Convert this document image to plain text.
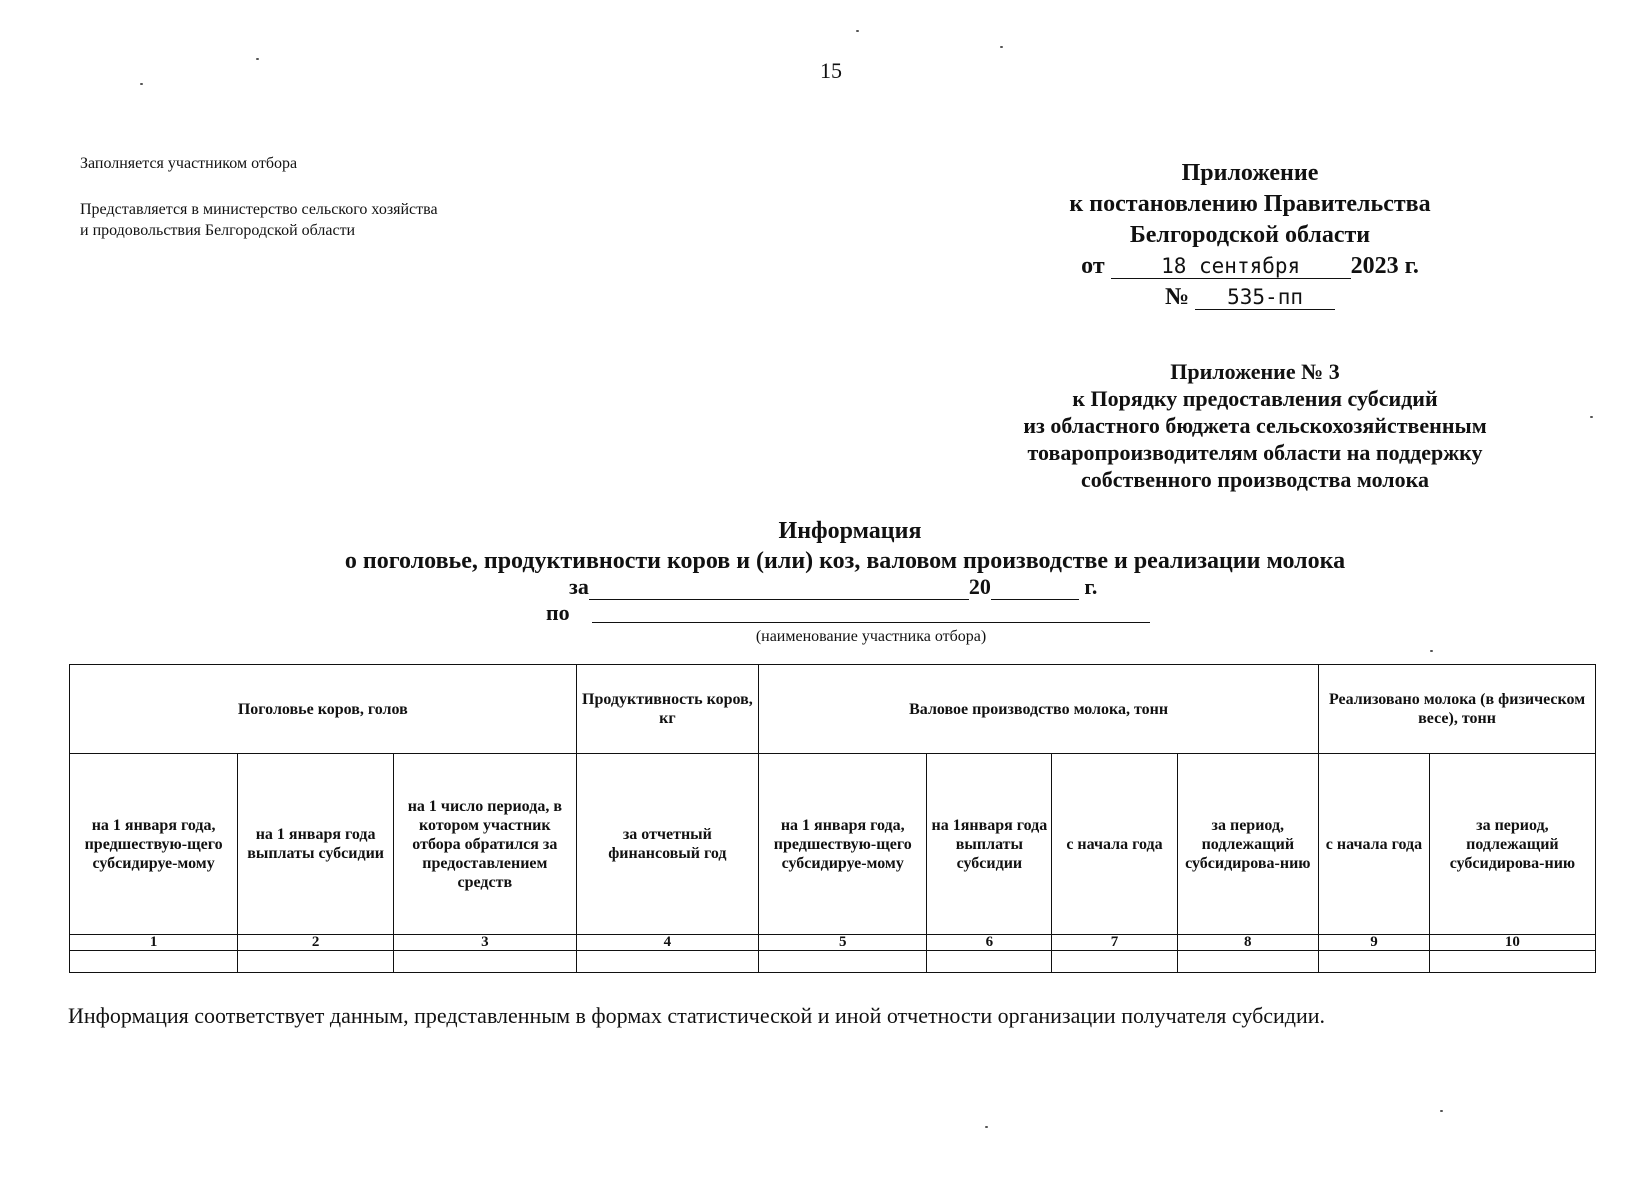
15
Заполняется участником отбора
Представляется в министерство сельского хозяйства
и продовольствия Белгородской области
Приложение
к постановлению Правительства
Белгородской области
от	18 сентября 2023 г.
№ 535-пп
Приложение № 3
к Порядку предоставления субсидий
из областного бюджета сельскохозяйственным
товаропроизводителям области на поддержку
собственного производства молока
Информация
о поголовье, продуктивности коров и (или) коз, валовом производстве и реализации молока
за	20	г.
по
(наименование участника отбора)
Поголовье коров, голов			Продуктивность коров, кг	Валовое производство молока, тонн				Реализовано молока (в физическом весе), тонн	
на 1 января года, предшествую-щего субсидируе-мому	на 1 января года выплаты субсидии	на 1 число периода, в котором участник отбора обратился за предоставлением средств	за отчетный финансовый год	на 1 января года, предшествую-щего субсидируе-мому	на 1января года выплаты субсидии	с начала года	за период, подлежащий субсидирова-нию	с начала года	за период, подлежащий субсидирова-нию
1	2	3	4	5	6	7	8	9	10

Информация соответствует данным, представленным в формах статистической и иной отчетности организации получателя субсидии.
